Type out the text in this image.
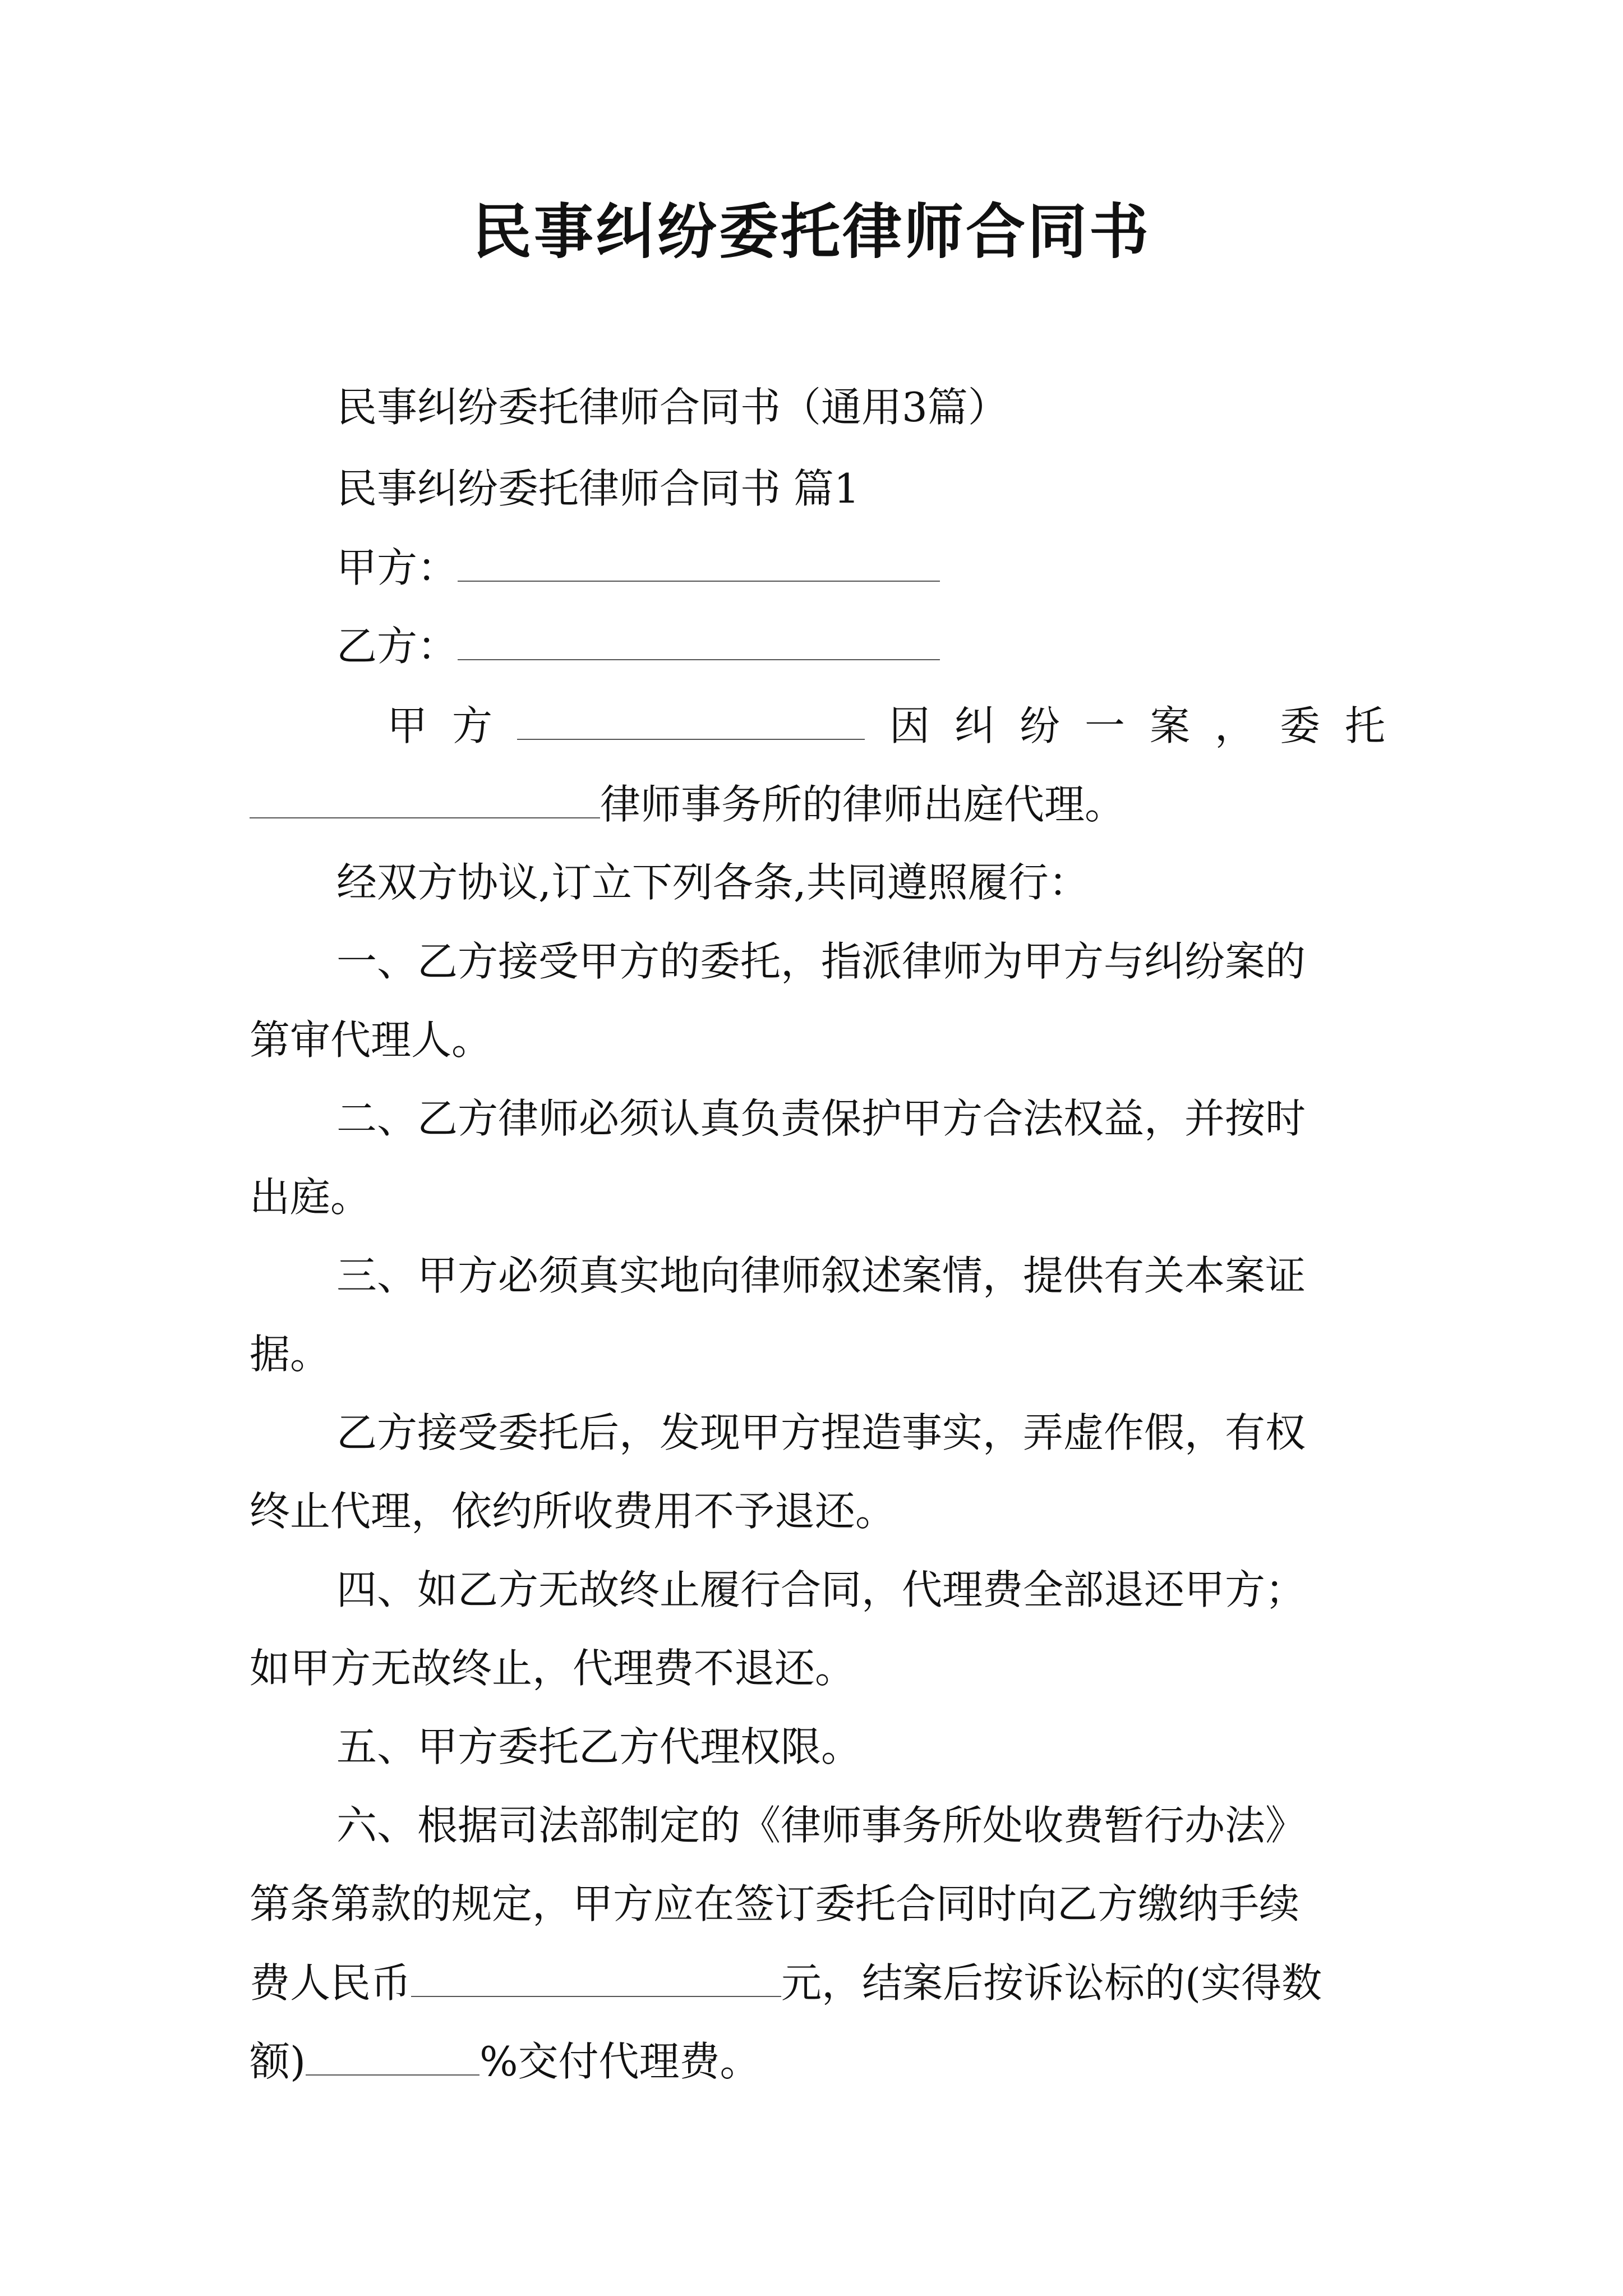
民事纠纷委托律师合同书
民事纠纷委托律师合同书（通用3篇）
民事纠纷委托律师合同书 篇1
甲方：
乙方：
甲 方	因 纠 纷 一 案 ， 委 托
律师事务所的律师出庭代理。
经双方协议,订立下列各条,共同遵照履行：
一、乙方接受甲方的委托，指派律师为甲方与纠纷案的
第审代理人。
二、乙方律师必须认真负责保护甲方合法权益，并按时
出庭。
三、甲方必须真实地向律师叙述案情，提供有关本案证
据。
乙方接受委托后，发现甲方捏造事实，弄虚作假，有权
终止代理，依约所收费用不予退还。
四、如乙方无故终止履行合同，代理费全部退还甲方；
如甲方无故终止，代理费不退还。
五、甲方委托乙方代理权限。
六、根据司法部制定的《律师事务所处收费暂行办法》
第条第款的规定，甲方应在签订委托合同时向乙方缴纳手续
费人民币	元，结案后按诉讼标的(实得数
额)	%交付代理费。
